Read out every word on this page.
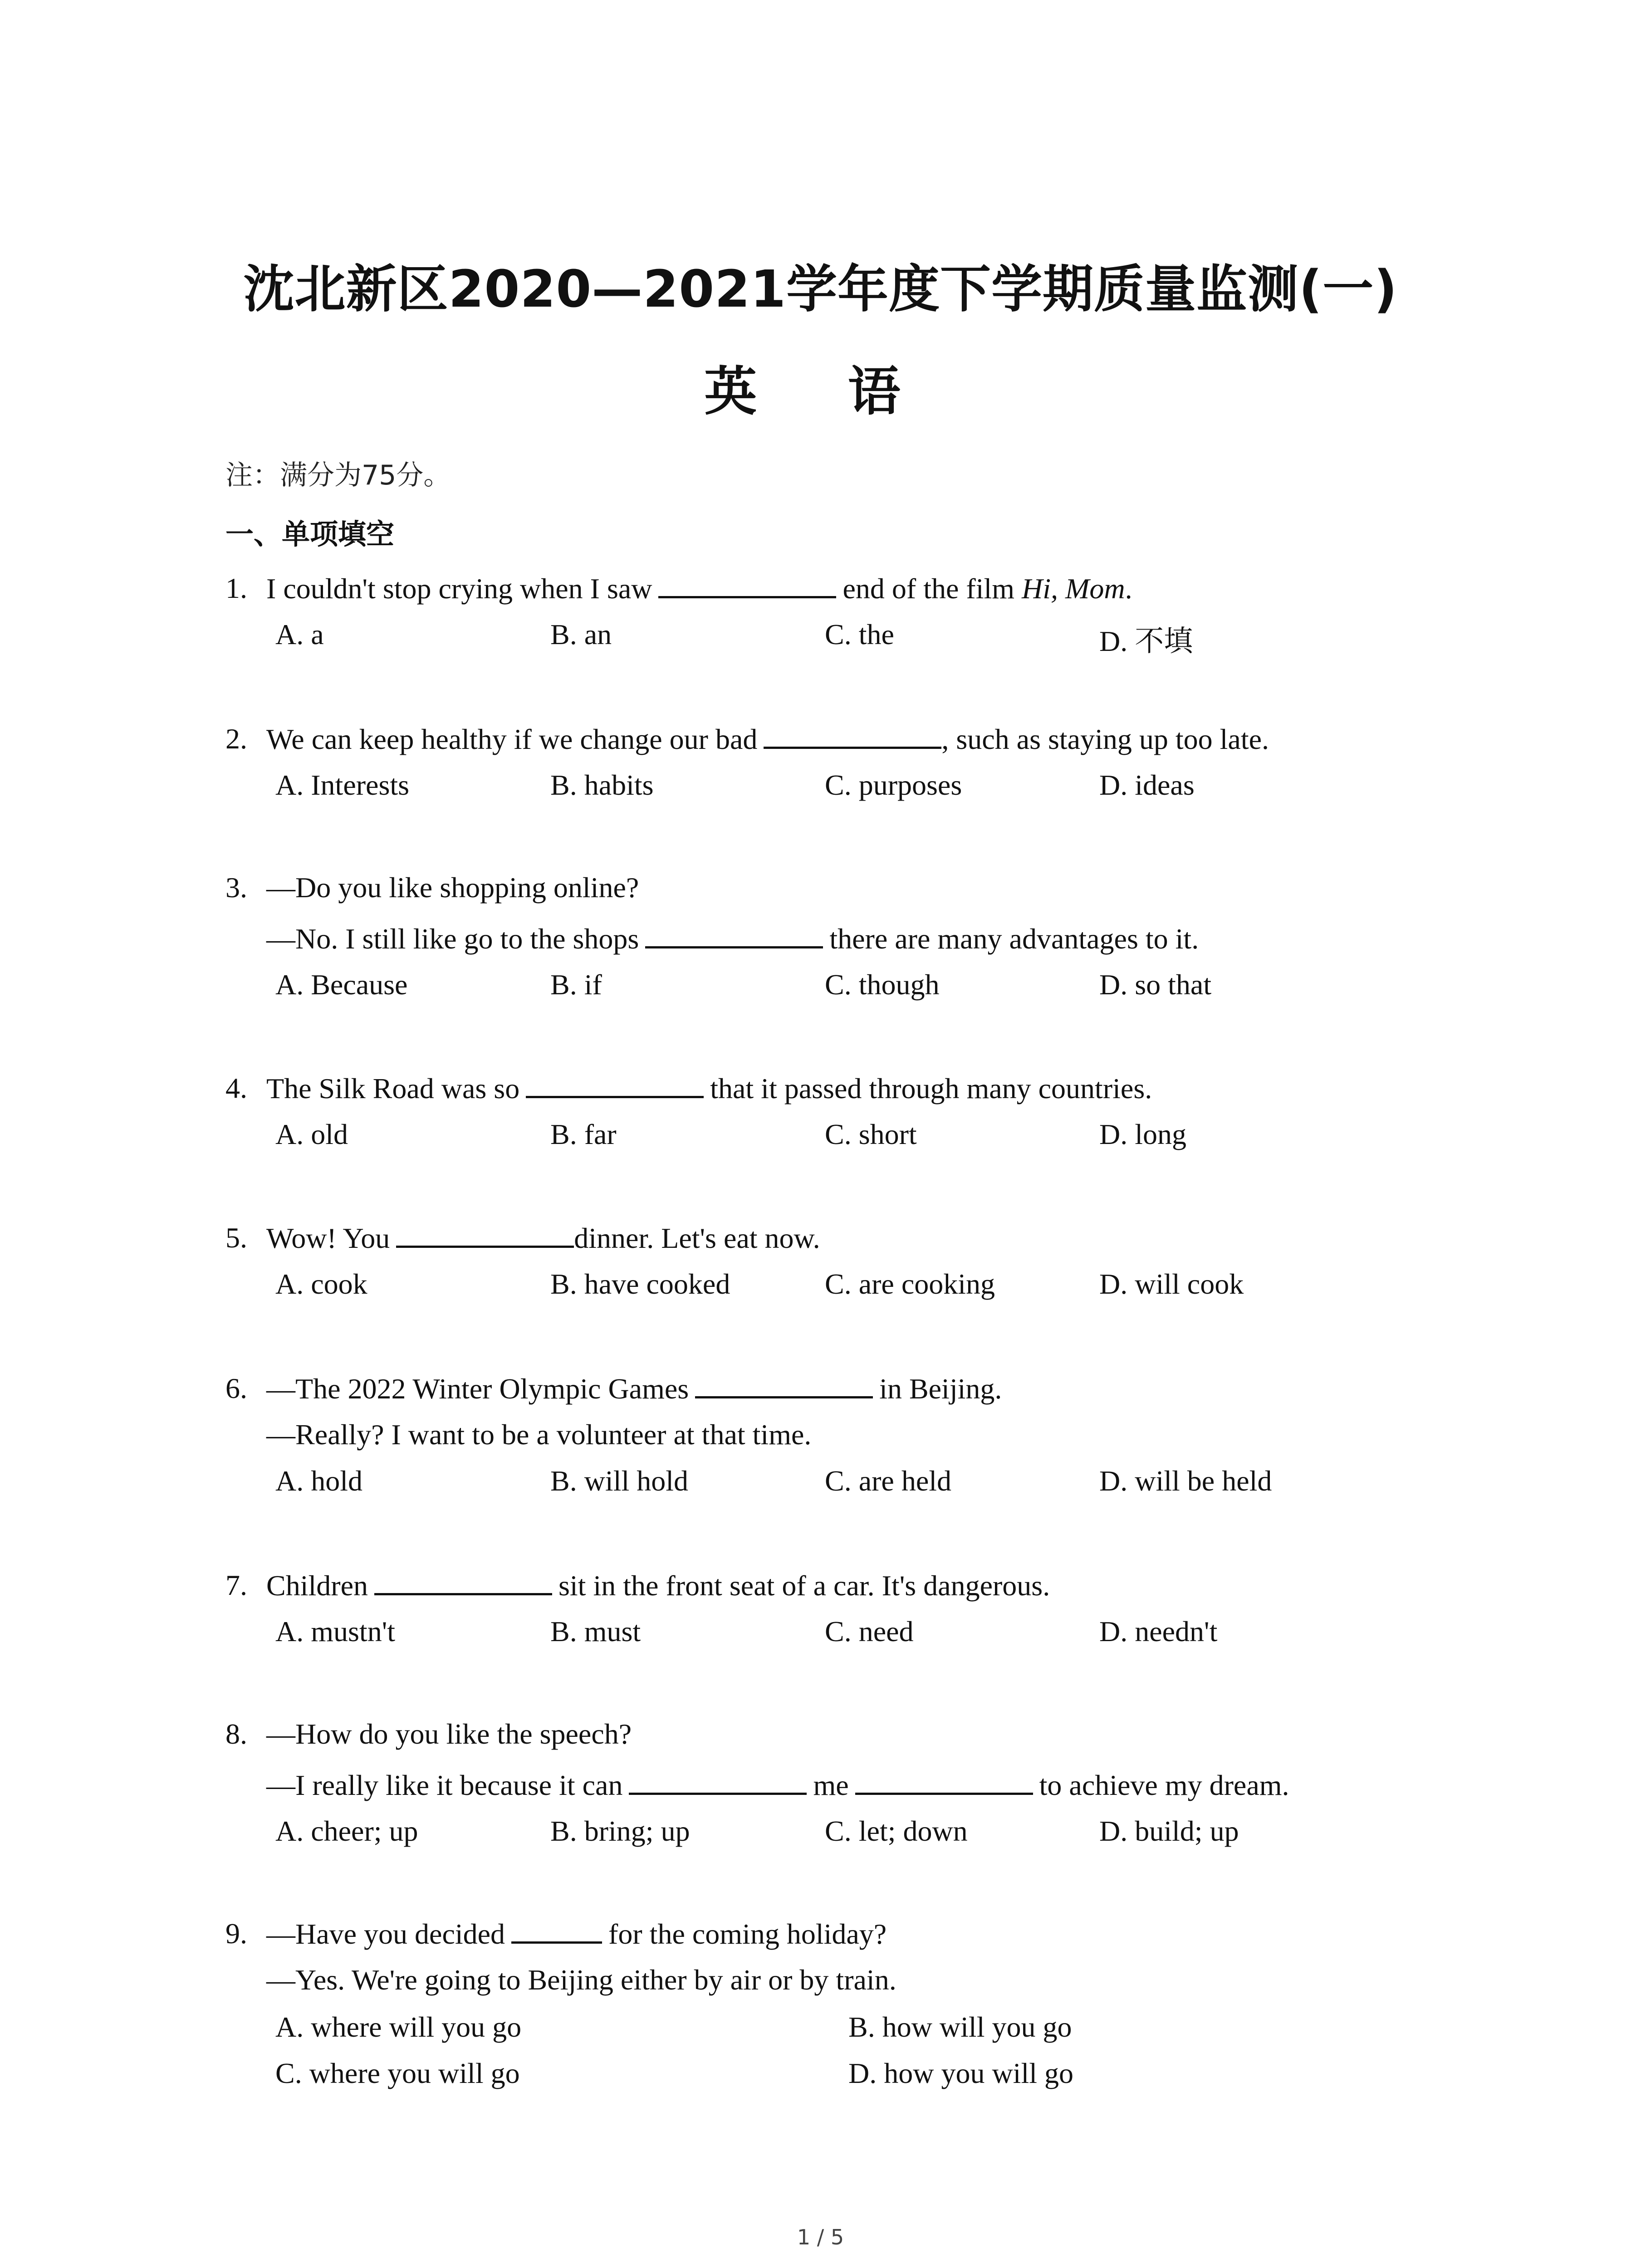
沈北新区2020—2021学年度下学期质量监测(一)
英 语
注：满分为75分。
一、单项填空
1. I couldn't stop crying when I saw	end of the film Hi, Mom.
A. a	B. an	C. the	D. 不填
2. We can keep healthy if we change our bad	, such as staying up too late.
A. Interests	B. habits	C. purposes	D. ideas
3. —Do you like shopping online?
—No. I still like go to the shops	there are many advantages to it.
A. Because	B. if	C. though	D. so that
4. The Silk Road was so	that it passed through many countries.
A. old	B. far	C. short	D. long
5. Wow! You	dinner. Let's eat now.
A. cook	B. have cooked	C. are cooking	D. will cook
6. —The 2022 Winter Olympic Games	in Beijing.
—Really? I want to be a volunteer at that time.
A. hold	B. will hold	C. are held	D. will be held
7. Children	sit in the front seat of a car. It's dangerous.
A. mustn't	B. must	C. need	D. needn't
8. —How do you like the speech?
—I really like it because it can	me	to achieve my dream.
A. cheer; up	B. bring; up	C. let; down	D. build; up
9. —Have you decided	for the coming holiday?
—Yes. We're going to Beijing either by air or by train.
A. where will you go	B. how will you go
C. where you will go	D. how you will go
1 / 5
